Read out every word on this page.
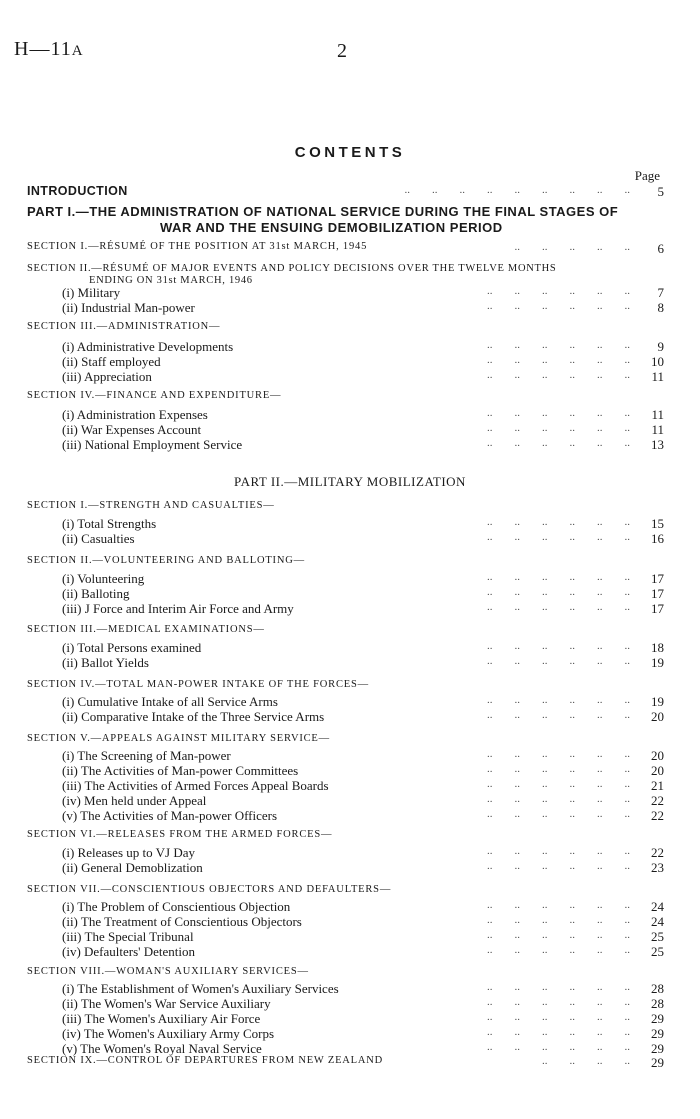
H—11A	2
CONTENTS
Page
INTRODUCTION	..        ..        ..        ..        ..        ..        ..        ..        ..	5
PART I.—THE ADMINISTRATION OF NATIONAL SERVICE DURING THE FINAL STAGES OF
WAR AND THE ENSUING DEMOBILIZATION PERIOD
SECTION I.—RÉSUMÉ OF THE POSITION AT 31st MARCH, 1945	..        ..        ..        ..        ..	6
SECTION II.—RÉSUMÉ OF MAJOR EVENTS AND POLICY DECISIONS OVER THE TWELVE MONTHS
ENDING ON 31st MARCH, 1946
(i) Military	..        ..        ..        ..        ..        ..	7
(ii) Industrial Man-power	..        ..        ..        ..        ..        ..	8
SECTION III.—ADMINISTRATION—
(i) Administrative Developments	..        ..        ..        ..        ..        ..	9
(ii) Staff employed	..        ..        ..        ..        ..        ..	10
(iii) Appreciation	..        ..        ..        ..        ..        ..	11
SECTION IV.—FINANCE AND EXPENDITURE—
(i) Administration Expenses	..        ..        ..        ..        ..        ..	11
(ii) War Expenses Account	..        ..        ..        ..        ..        ..	11
(iii) National Employment Service	..        ..        ..        ..        ..        ..	13
PART II.—MILITARY MOBILIZATION
SECTION I.—STRENGTH AND CASUALTIES—
(i) Total Strengths	..        ..        ..        ..        ..        ..	15
(ii) Casualties	..        ..        ..        ..        ..        ..	16
SECTION II.—VOLUNTEERING AND BALLOTING—
(i) Volunteering	..        ..        ..        ..        ..        ..	17
(ii) Balloting	..        ..        ..        ..        ..        ..	17
(iii) J Force and Interim Air Force and Army	..        ..        ..        ..        ..        ..	17
SECTION III.—MEDICAL EXAMINATIONS—
(i) Total Persons examined	..        ..        ..        ..        ..        ..	18
(ii) Ballot Yields	..        ..        ..        ..        ..        ..	19
SECTION IV.—TOTAL MAN-POWER INTAKE OF THE FORCES—
(i) Cumulative Intake of all Service Arms	..        ..        ..        ..        ..        ..	19
(ii) Comparative Intake of the Three Service Arms	..        ..        ..        ..        ..        ..	20
SECTION V.—APPEALS AGAINST MILITARY SERVICE—
(i) The Screening of Man-power	..        ..        ..        ..        ..        ..	20
(ii) The Activities of Man-power Committees	..        ..        ..        ..        ..        ..	20
(iii) The Activities of Armed Forces Appeal Boards	..        ..        ..        ..        ..        ..	21
(iv) Men held under Appeal	..        ..        ..        ..        ..        ..	22
(v) The Activities of Man-power Officers	..        ..        ..        ..        ..        ..	22
SECTION VI.—RELEASES FROM THE ARMED FORCES—
(i) Releases up to VJ Day	..        ..        ..        ..        ..        ..	22
(ii) General Demoblization	..        ..        ..        ..        ..        ..	23
SECTION VII.—CONSCIENTIOUS OBJECTORS AND DEFAULTERS—
(i) The Problem of Conscientious Objection	..        ..        ..        ..        ..        ..	24
(ii) The Treatment of Conscientious Objectors	..        ..        ..        ..        ..        ..	24
(iii) The Special Tribunal	..        ..        ..        ..        ..        ..	25
(iv) Defaulters' Detention	..        ..        ..        ..        ..        ..	25
SECTION VIII.—WOMAN'S AUXILIARY SERVICES—
(i) The Establishment of Women's Auxiliary Services	..        ..        ..        ..        ..        ..	28
(ii) The Women's War Service Auxiliary	..        ..        ..        ..        ..        ..	28
(iii) The Women's Auxiliary Air Force	..        ..        ..        ..        ..        ..	29
(iv) The Women's Auxiliary Army Corps	..        ..        ..        ..        ..        ..	29
(v) The Women's Royal Naval Service	..        ..        ..        ..        ..        ..	29
SECTION IX.—CONTROL OF DEPARTURES FROM NEW ZEALAND	..        ..        ..        ..	29
